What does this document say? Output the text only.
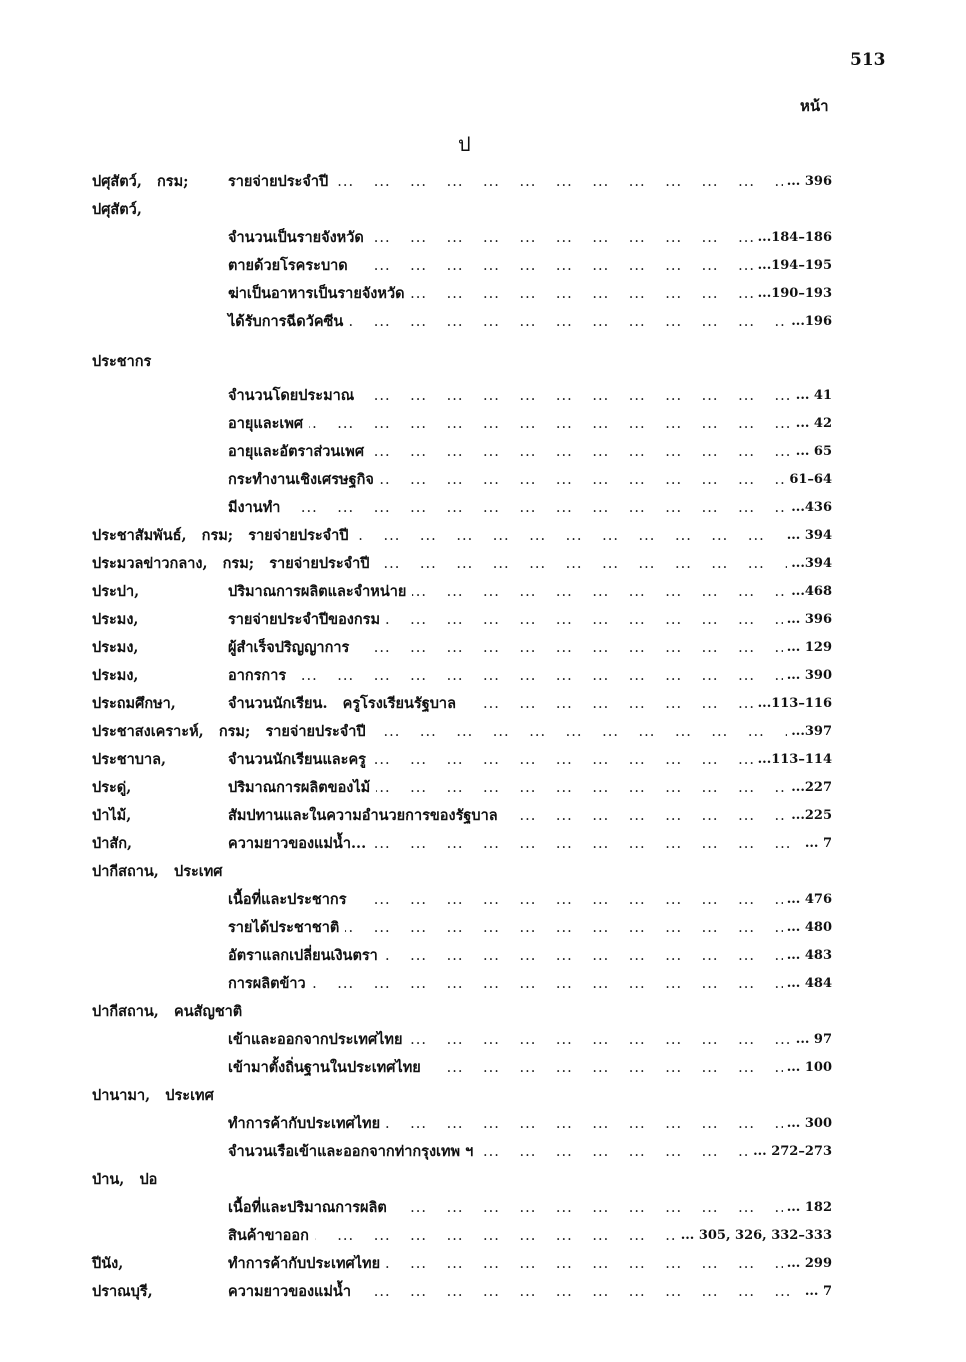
513
หน้า
ป
... .
ปศุสัตว์,   กรม;	รายจ่ายประจำปี	... 396
ปศุสัตว์,
... .
จำนวนเป็นรายจังหวัด	...184–186
... .
ตายด้วยโรคระบาด	...194–195
... .
ฆ่าเป็นอาหารเป็นรายจังหวัด	...190–193
... .
ได้รับการฉีดวัคซีน	...196
ประชากร
... .
จำนวนโดยประมาณ	... 41
... .
อายุและเพศ	... 42
... .
อายุและอัตราส่วนเพศ	... 65
... .
กระทำงานเชิงเศรษฐกิจ	61–64
... .
มีงานทำ	...436
... .
ประชาสัมพันธ์,   กรม;   รายจ่ายประจำปี	... 394
... .
ประมวลข่าวกลาง,   กรม;   รายจ่ายประจำปี	...394
... .
ประปา,	ปริมาณการผลิตและจำหน่าย	...468
... .
ประมง,	รายจ่ายประจำปีของกรม	... 396
... .
ประมง,	ผู้สำเร็จปริญญาการ	... 129
... .
ประมง,	อากรการ	... 390
... .
ประถมศึกษา,	จำนวนนักเรียน.   ครูโรงเรียนรัฐบาล	...113–116
... .
ประชาสงเคราะห์,   กรม;   รายจ่ายประจำปี	...397
... .
ประชาบาล,	จำนวนนักเรียนและครู	...113–114
... .
ประดู่,	ปริมาณการผลิตของไม้	...227
... .
ป่าไม้,	สัมปทานและในความอำนวยการของรัฐบาล	...225
... .
ป่าสัก,	ความยาวของแม่น้ำ...	... 7
ปากีสถาน,   ประเทศ
... .
เนื้อที่และประชากร	... 476
... .
รายได้ประชาชาติ	... 480
... .
อัตราแลกเปลี่ยนเงินตรา	... 483
... .
การผลิตข้าว	... 484
ปากีสถาน,   คนสัญชาติ
... .
เข้าและออกจากประเทศไทย	... 97
... .
เข้ามาตั้งถิ่นฐานในประเทศไทย	... 100
ปานามา,   ประเทศ
... .
ทำการค้ากับประเทศไทย	... 300
... .
จำนวนเรือเข้าและออกจากท่ากรุงเทพ ฯ	... 272–273
ป่าน,   ปอ
... .
เนื้อที่และปริมาณการผลิต	... 182
... .
สินค้าขาออก	... 305, 326, 332–333
... .
ปีนัง,	ทำการค้ากับประเทศไทย	... 299
... .
ปราณบุรี,	ความยาวของแม่น้ำ	... 7
